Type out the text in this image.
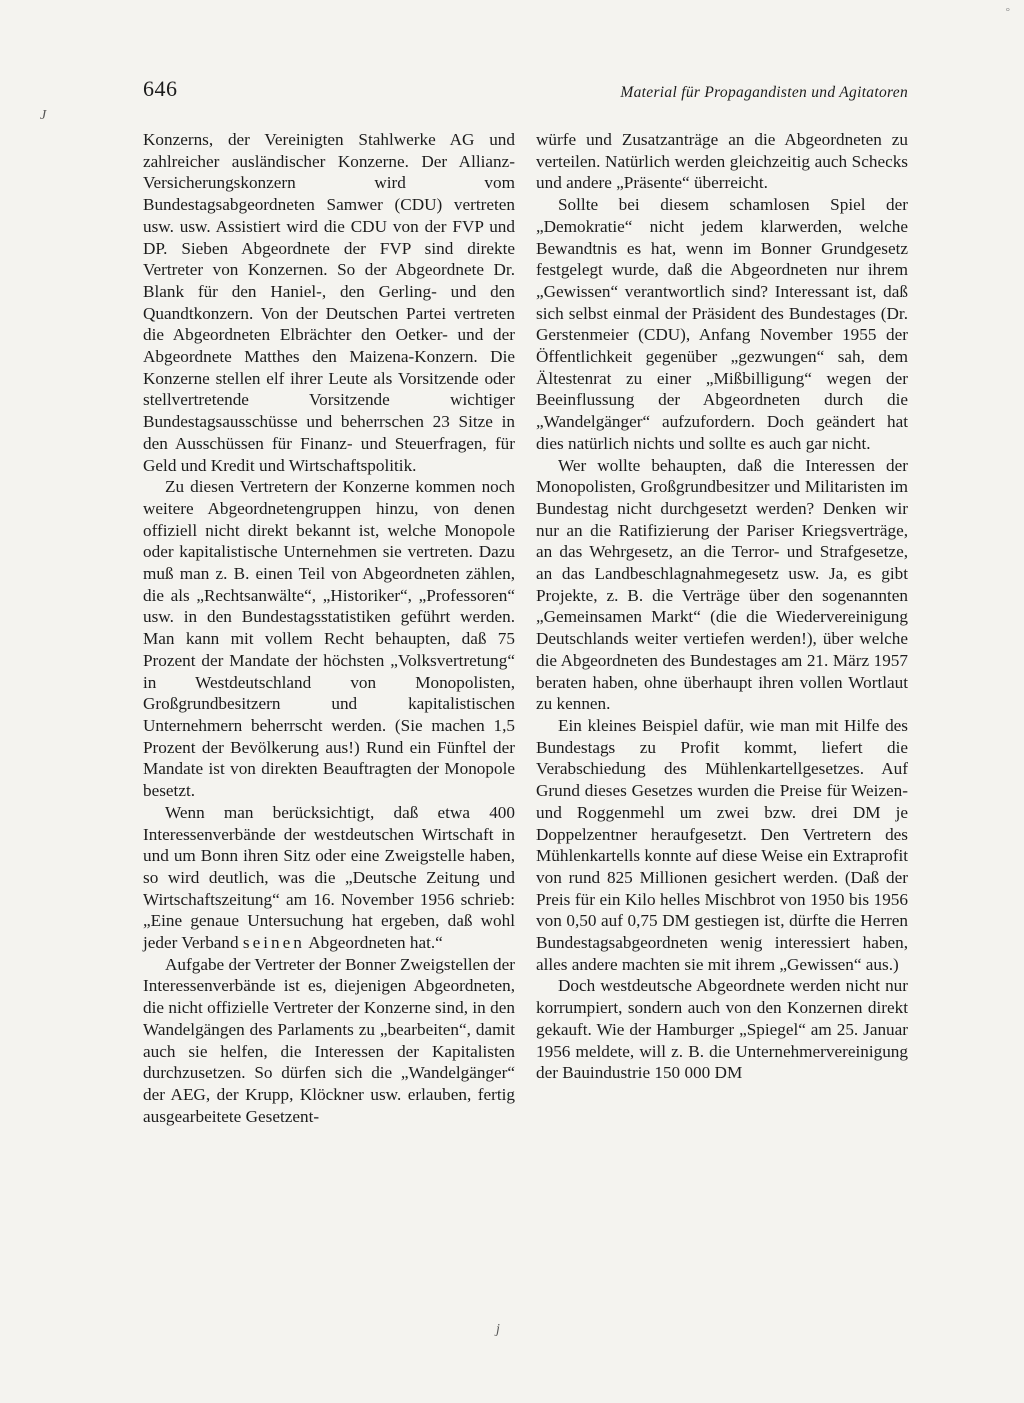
646	Material für Propagandisten und Agitatoren
J
j
°

Konzerns, der Vereinigten Stahlwerke AG und zahlreicher ausländischer Konzerne. Der Allianz-Versicherungskonzern wird vom Bundestagsabgeordneten Samwer (CDU) vertreten usw. usw. Assistiert wird die CDU von der FVP und DP. Sieben Abgeordnete der FVP sind direkte Vertreter von Konzernen. So der Abgeordnete Dr. Blank für den Haniel-, den Gerling- und den Quandtkonzern. Von der Deutschen Partei vertreten die Abgeordneten Elbrächter den Oetker- und der Abgeordnete Matthes den Maizena-Konzern. Die Konzerne stellen elf ihrer Leute als Vorsitzende oder stellvertretende Vorsitzende wichtiger Bundestagsausschüsse und beherrschen 23 Sitze in den Ausschüssen für Finanz- und Steuerfragen, für Geld und Kredit und Wirtschaftspolitik.

Zu diesen Vertretern der Konzerne kommen noch weitere Abgeordnetengruppen hinzu, von denen offiziell nicht direkt bekannt ist, welche Monopole oder kapitalistische Unternehmen sie vertreten. Dazu muß man z. B. einen Teil von Abgeordneten zählen, die als „Rechtsanwälte“, „Historiker“, „Professoren“ usw. in den Bundestagsstatistiken geführt werden. Man kann mit vollem Recht behaupten, daß 75 Prozent der Mandate der höchsten „Volksvertretung“ in Westdeutschland von Monopolisten, Großgrundbesitzern und kapitalistischen Unternehmern beherrscht werden. (Sie machen 1,5 Prozent der Bevölkerung aus!) Rund ein Fünftel der Mandate ist von direkten Beauftragten der Monopole besetzt.

Wenn man berücksichtigt, daß etwa 400 Interessenverbände der westdeutschen Wirtschaft in und um Bonn ihren Sitz oder eine Zweigstelle haben, so wird deutlich, was die „Deutsche Zeitung und Wirtschaftszeitung“ am 16. November 1956 schrieb: „Eine genaue Untersuchung hat ergeben, daß wohl jeder Verband seinen Abgeordneten hat.“

Aufgabe der Vertreter der Bonner Zweigstellen der Interessenverbände ist es, diejenigen Abgeordneten, die nicht offizielle Vertreter der Konzerne sind, in den Wandelgängen des Parlaments zu „bearbeiten“, damit auch sie helfen, die Interessen der Kapitalisten durchzusetzen. So dürfen sich die „Wandelgänger“ der AEG, der Krupp, Klöckner usw. erlauben, fertig ausgearbeitete Gesetzent-

würfe und Zusatzanträge an die Abgeordneten zu verteilen. Natürlich werden gleichzeitig auch Schecks und andere „Präsente“ überreicht.

Sollte bei diesem schamlosen Spiel der „Demokratie“ nicht jedem klarwerden, welche Bewandtnis es hat, wenn im Bonner Grundgesetz festgelegt wurde, daß die Abgeordneten nur ihrem „Gewissen“ verantwortlich sind? Interessant ist, daß sich selbst einmal der Präsident des Bundestages (Dr. Gerstenmeier (CDU), Anfang November 1955 der Öffentlichkeit gegenüber „gezwungen“ sah, dem Ältestenrat zu einer „Mißbilligung“ wegen der Beeinflussung der Abgeordneten durch die „Wandelgänger“ aufzufordern. Doch geändert hat dies natürlich nichts und sollte es auch gar nicht.

Wer wollte behaupten, daß die Interessen der Monopolisten, Großgrundbesitzer und Militaristen im Bundestag nicht durchgesetzt werden? Denken wir nur an die Ratifizierung der Pariser Kriegsverträge, an das Wehrgesetz, an die Terror- und Strafgesetze, an das Landbeschlagnahmegesetz usw. Ja, es gibt Projekte, z. B. die Verträge über den sogenannten „Gemeinsamen Markt“ (die die Wiedervereinigung Deutschlands weiter vertiefen werden!), über welche die Abgeordneten des Bundestages am 21. März 1957 beraten haben, ohne überhaupt ihren vollen Wortlaut zu kennen.

Ein kleines Beispiel dafür, wie man mit Hilfe des Bundestags zu Profit kommt, liefert die Verabschiedung des Mühlenkartellgesetzes. Auf Grund dieses Gesetzes wurden die Preise für Weizen- und Roggenmehl um zwei bzw. drei DM je Doppelzentner heraufgesetzt. Den Vertretern des Mühlenkartells konnte auf diese Weise ein Extraprofit von rund 825 Millionen gesichert werden. (Daß der Preis für ein Kilo helles Mischbrot von 1950 bis 1956 von 0,50 auf 0,75 DM gestiegen ist, dürfte die Herren Bundestagsabgeordneten wenig interessiert haben, alles andere machten sie mit ihrem „Gewissen“ aus.)

Doch westdeutsche Abgeordnete werden nicht nur korrumpiert, sondern auch von den Konzernen direkt gekauft. Wie der Hamburger „Spiegel“ am 25. Januar 1956 meldete, will z. B. die Unternehmervereinigung der Bauindustrie 150 000 DM
